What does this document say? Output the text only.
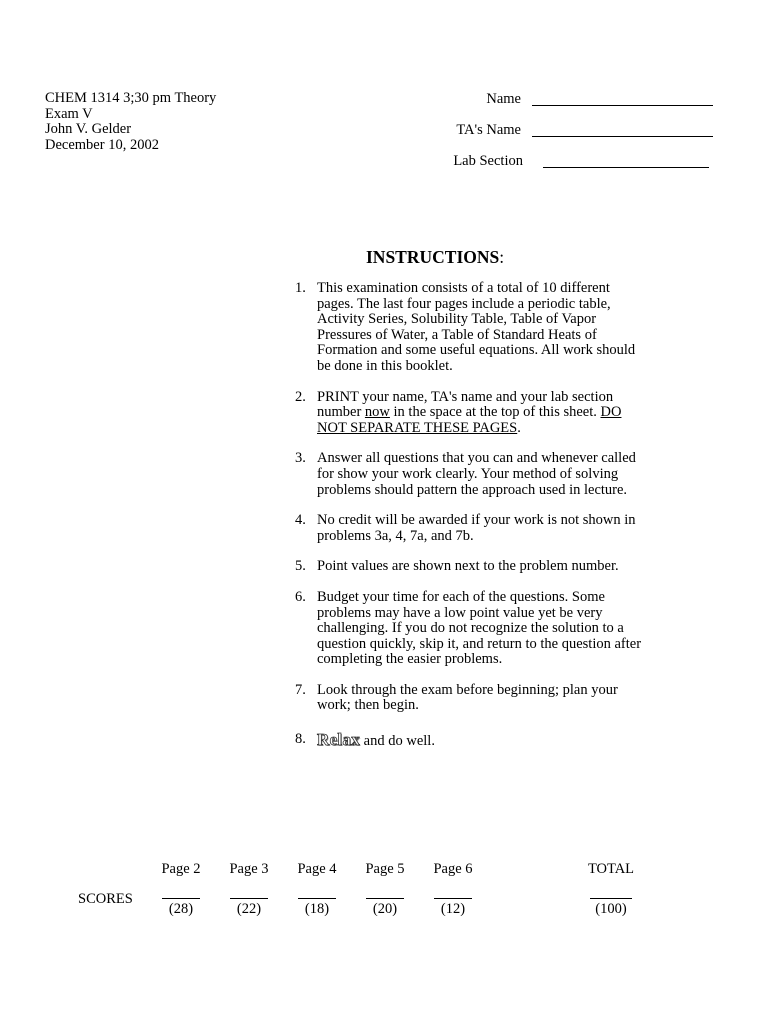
CHEM 1314 3;30 pm Theory
Exam V
John V. Gelder
December 10, 2002
Name
TA's Name
Lab Section
INSTRUCTIONS:
1. This examination consists of a total of 10 different pages. The last four pages include a periodic table, Activity Series, Solubility Table, Table of Vapor Pressures of Water, a Table of Standard Heats of Formation and some useful equations. All work should be done in this booklet.
2. PRINT your name, TA's name and your lab section number now in the space at the top of this sheet. DO NOT SEPARATE THESE PAGES.
3. Answer all questions that you can and whenever called for show your work clearly. Your method of solving problems should pattern the approach used in lecture.
4. No credit will be awarded if your work is not shown in problems 3a, 4, 7a, and 7b.
5. Point values are shown next to the problem number.
6. Budget your time for each of the questions. Some problems may have a low point value yet be very challenging. If you do not recognize the solution to a question quickly, skip it, and return to the question after completing the easier problems.
7. Look through the exam before beginning; plan your work; then begin.
8. Relax and do well.
SCORES
Page 2
(28)
Page 3
(22)
Page 4
(18)
Page 5
(20)
Page 6
(12)
TOTAL
(100)
